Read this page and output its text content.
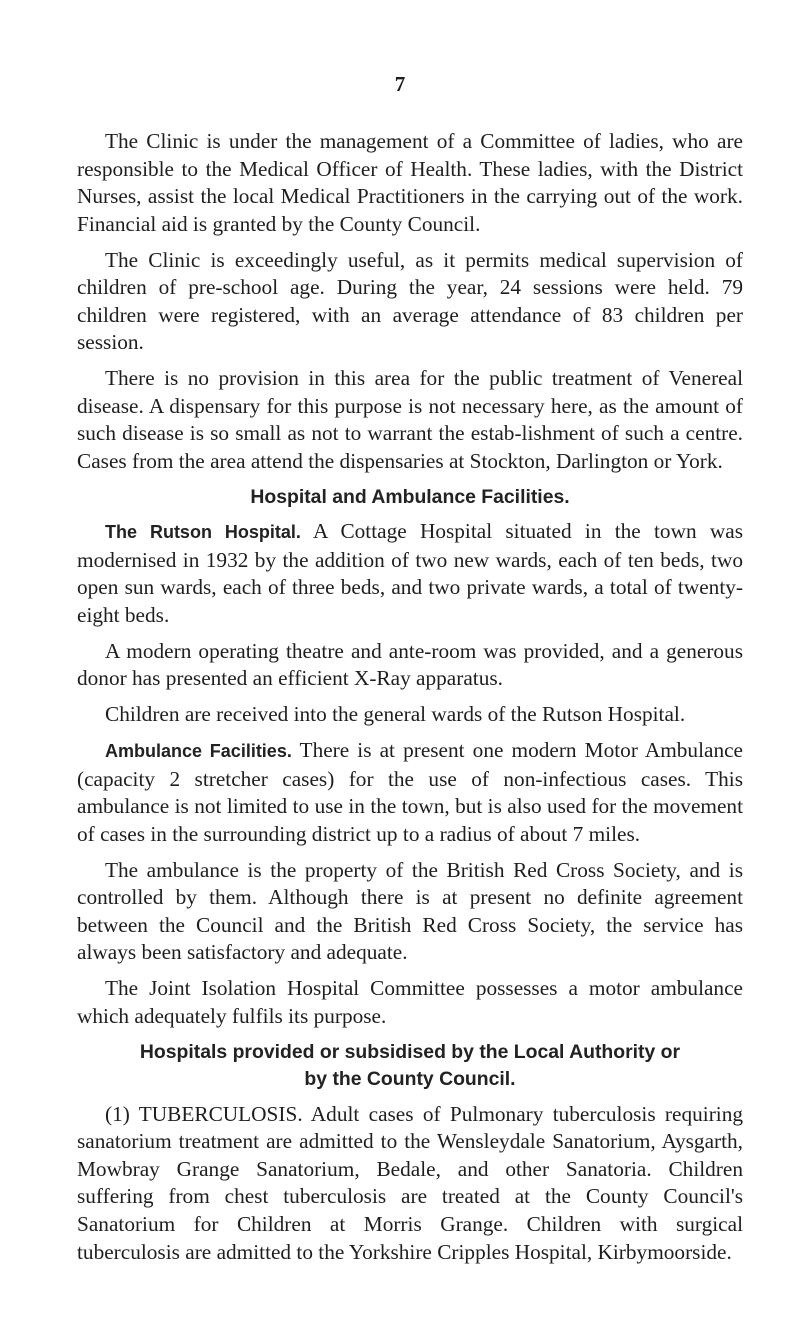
7

The Clinic is under the management of a Committee of ladies, who are responsible to the Medical Officer of Health. These ladies, with the District Nurses, assist the local Medical Practitioners in the carrying out of the work. Financial aid is granted by the County Council.

The Clinic is exceedingly useful, as it permits medical supervision of children of pre-school age. During the year, 24 sessions were held. 79 children were registered, with an average attendance of 83 children per session.

There is no provision in this area for the public treatment of Venereal disease. A dispensary for this purpose is not necessary here, as the amount of such disease is so small as not to warrant the estab-lishment of such a centre. Cases from the area attend the dispensaries at Stockton, Darlington or York.

Hospital and Ambulance Facilities.

The Rutson Hospital. A Cottage Hospital situated in the town was modernised in 1932 by the addition of two new wards, each of ten beds, two open sun wards, each of three beds, and two private wards, a total of twenty-eight beds.

A modern operating theatre and ante-room was provided, and a generous donor has presented an efficient X-Ray apparatus.

Children are received into the general wards of the Rutson Hospital.

Ambulance Facilities. There is at present one modern Motor Ambulance (capacity 2 stretcher cases) for the use of non-infectious cases. This ambulance is not limited to use in the town, but is also used for the movement of cases in the surrounding district up to a radius of about 7 miles.

The ambulance is the property of the British Red Cross Society, and is controlled by them. Although there is at present no definite agreement between the Council and the British Red Cross Society, the service has always been satisfactory and adequate.

The Joint Isolation Hospital Committee possesses a motor ambulance which adequately fulfils its purpose.

Hospitals provided or subsidised by the Local Authority or
by the County Council.

(1) TUBERCULOSIS. Adult cases of Pulmonary tuberculosis requiring sanatorium treatment are admitted to the Wensleydale Sanatorium, Aysgarth, Mowbray Grange Sanatorium, Bedale, and other Sanatoria. Children suffering from chest tuberculosis are treated at the County Council's Sanatorium for Children at Morris Grange. Children with surgical tuberculosis are admitted to the Yorkshire Cripples Hospital, Kirbymoorside.
